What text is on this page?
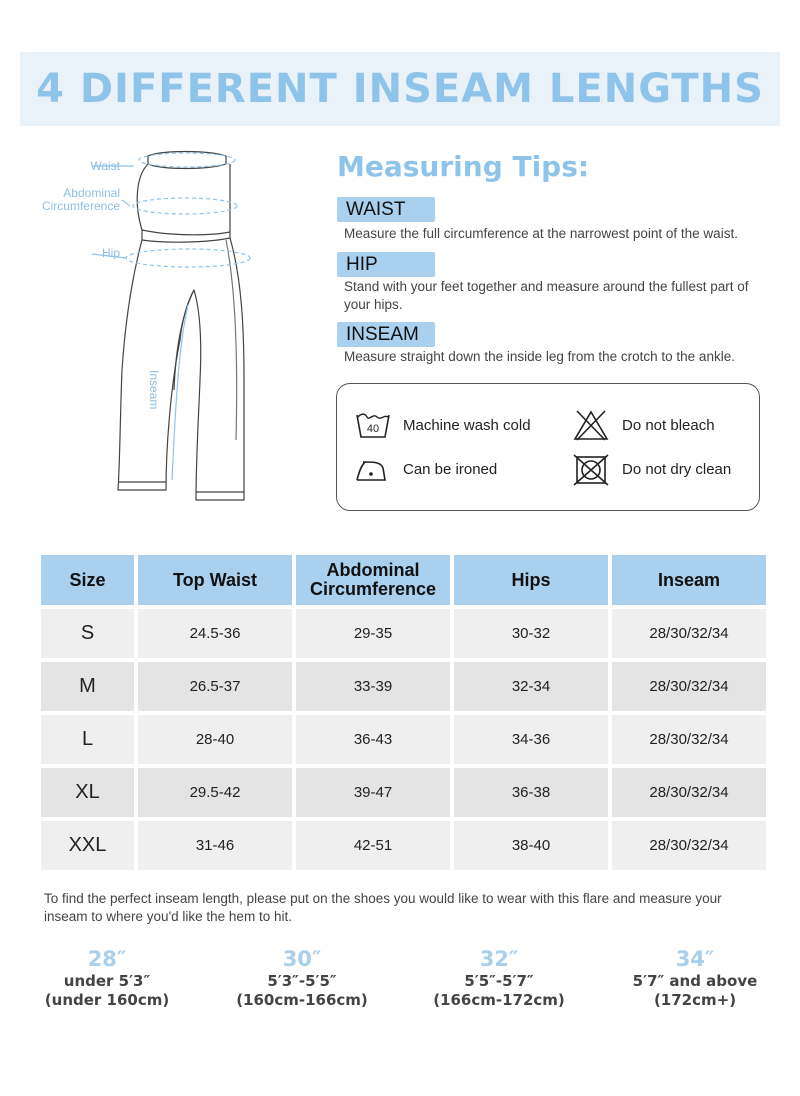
4 DIFFERENT INSEAM LENGTHS
Waist
Abdominal
Circumference
Hip
Inseam
Measuring Tips:
WAIST
Measure the full circumference at the narrowest point of the waist.
HIP
Stand with your feet together and measure around the fullest part of your hips.
INSEAM
Measure straight down the inside leg from the crotch to the ankle.
40 Machine wash cold	Do not bleach
Can be ironed	Do not dry clean
Size	Top Waist	Abdominal Circumference	Hips	Inseam
S	24.5-36	29-35	30-32	28/30/32/34
M	26.5-37	33-39	32-34	28/30/32/34
L	28-40	36-43	34-36	28/30/32/34
XL	29.5-42	39-47	36-38	28/30/32/34
XXL	31-46	42-51	38-40	28/30/32/34
To find the perfect inseam length, please put on the shoes you would like to wear with this flare and measure your inseam to where you'd like the hem to hit.
28″
under 5′3″
(under 160cm)
30″
5′3″-5′5″
(160cm-166cm)
32″
5′5″-5′7″
(166cm-172cm)
34″
5′7″ and above
(172cm+)
